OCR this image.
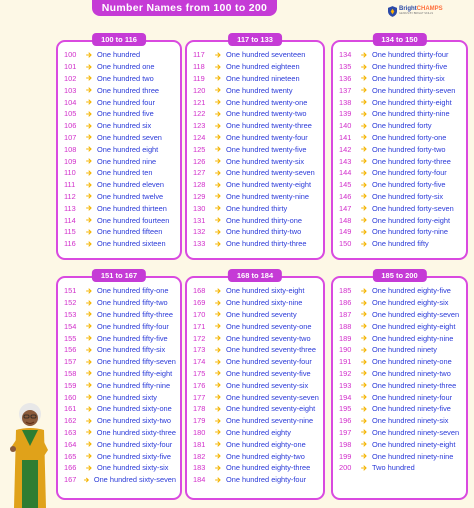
Number Names from 100 to 200	BrightCHAMPS
GENIUS BY BRIGHT SKILLS
100 to 116
100	One hundred
101	One hundred one
102	One hundred two
103	One hundred three
104	One hundred four
105	One hundred five
106	One hundred six
107	One hundred seven
108	One hundred eight
109	One hundred nine
110	One hundred ten
111	One hundred eleven
112	One hundred twelve
113	One hundred thirteen
114	One hundred fourteen
115	One hundred fifteen
116	One hundred sixteen
117 to 133
117	One hundred seventeen
118	One hundred eighteen
119	One hundred nineteen
120	One hundred twenty
121	One hundred twenty-one
122	One hundred twenty-two
123	One hundred twenty-three
124	One hundred twenty-four
125	One hundred twenty-five
126	One hundred twenty-six
127	One hundred twenty-seven
128	One hundred twenty-eight
129	One hundred twenty-nine
130	One hundred thirty
131	One hundred thirty-one
132	One hundred thirty-two
133	One hundred thirty-three
134 to 150
134	One hundred thirty-four
135	One hundred thirty-five
136	One hundred thirty-six
137	One hundred thirty-seven
138	One hundred thirty-eight
139	One hundred thirty-nine
140	One hundred forty
141	One hundred forty-one
142	One hundred forty-two
143	One hundred forty-three
144	One hundred forty-four
145	One hundred forty-five
146	One hundred forty-six
147	One hundred forty-seven
148	One hundred forty-eight
149	One hundred forty-nine
150	One hundred fifty
151 to 167
151	One hundred fifty-one
152	One hundred fifty-two
153	One hundred fifty-three
154	One hundred fifty-four
155	One hundred fifty-five
156	One hundred fifty-six
157	One hundred fifty-seven
158	One hundred fifty-eight
159	One hundred fifty-nine
160	One hundred sixty
161	One hundred sixty-one
162	One hundred sixty-two
163	One hundred sixty-three
164	One hundred sixty-four
165	One hundred sixty-five
166	One hundred sixty-six
167	One hundred sixty-seven
168 to 184
168	One hundred sixty-eight
169	One hundred sixty-nine
170	One hundred seventy
171	One hundred seventy-one
172	One hundred seventy-two
173	One hundred seventy-three
174	One hundred seventy-four
175	One hundred seventy-five
176	One hundred seventy-six
177	One hundred seventy-seven
178	One hundred seventy-eight
179	One hundred seventy-nine
180	One hundred eighty
181	One hundred eighty-one
182	One hundred eighty-two
183	One hundred eighty-three
184	One hundred eighty-four
185 to 200
185	One hundred eighty-five
186	One hundred eighty-six
187	One hundred eighty-seven
188	One hundred eighty-eight
189	One hundred eighty-nine
190	One hundred ninety
191	One hundred ninety-one
192	One hundred ninety-two
193	One hundred ninety-three
194	One hundred ninety-four
195	One hundred ninety-five
196	One hundred ninety-six
197	One hundred ninety-seven
198	One hundred ninety-eight
199	One hundred ninety-nine
200	Two hundred
